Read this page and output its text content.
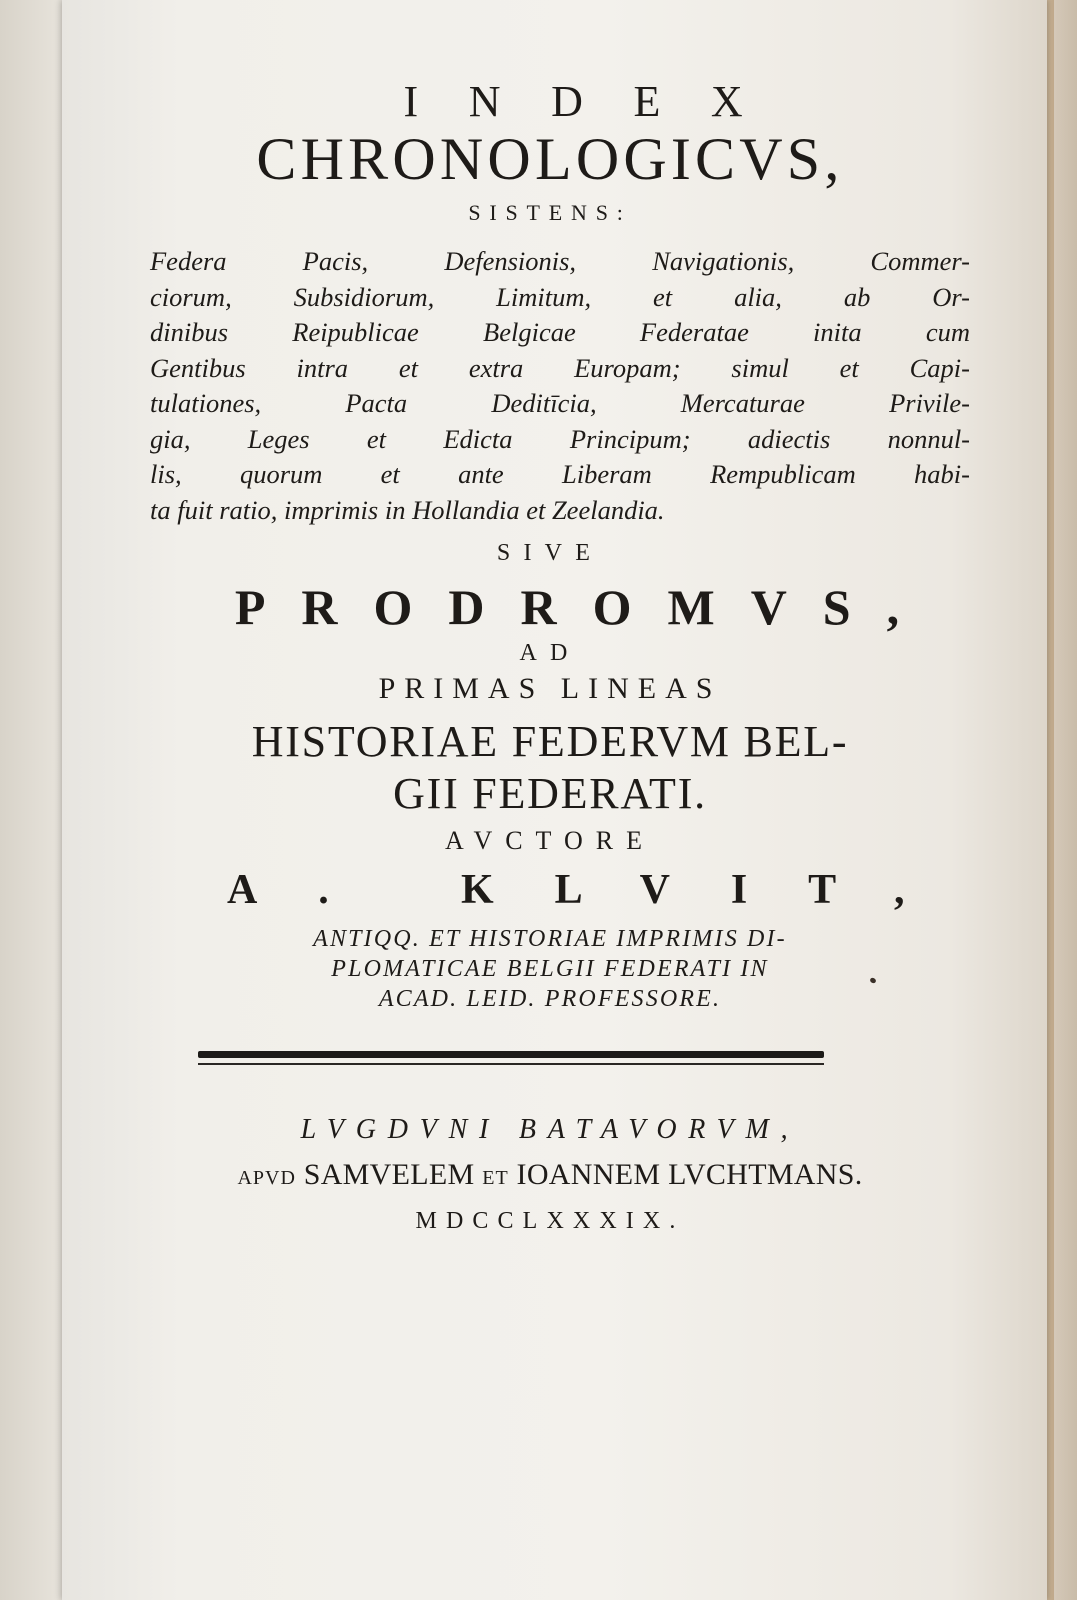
INDEX
CHRONOLOGICVS,
SISTENS:
Federa Pacis, Defensionis, Navigationis, Commer-
ciorum, Subsidiorum, Limitum, et alia, ab Or-
dinibus Reipublicae Belgicae Federatae inita cum
Gentibus intra et extra Europam; simul et Capi-
tulationes, Pacta Deditīcia, Mercaturae Privile-
gia, Leges et Edicta Principum; adiectis nonnul-
lis, quorum et ante Liberam Rempublicam habi-
ta fuit ratio, imprimis in Hollandia et Zeelandia.
SIVE
PRODROMVS,
AD
PRIMAS LINEAS
HISTORIAE FEDERVM BEL-
GII FEDERATI.
AVCTORE
A. KLVIT,
ANTIQQ. ET HISTORIAE IMPRIMIS DI-
PLOMATICAE BELGII FEDERATI IN
ACAD. LEID. PROFESSORE.
LVGDVNI BATAVORVM,
APVD SAMVELEM ET IOANNEM LVCHTMANS.
MDCCLXXXIX.
